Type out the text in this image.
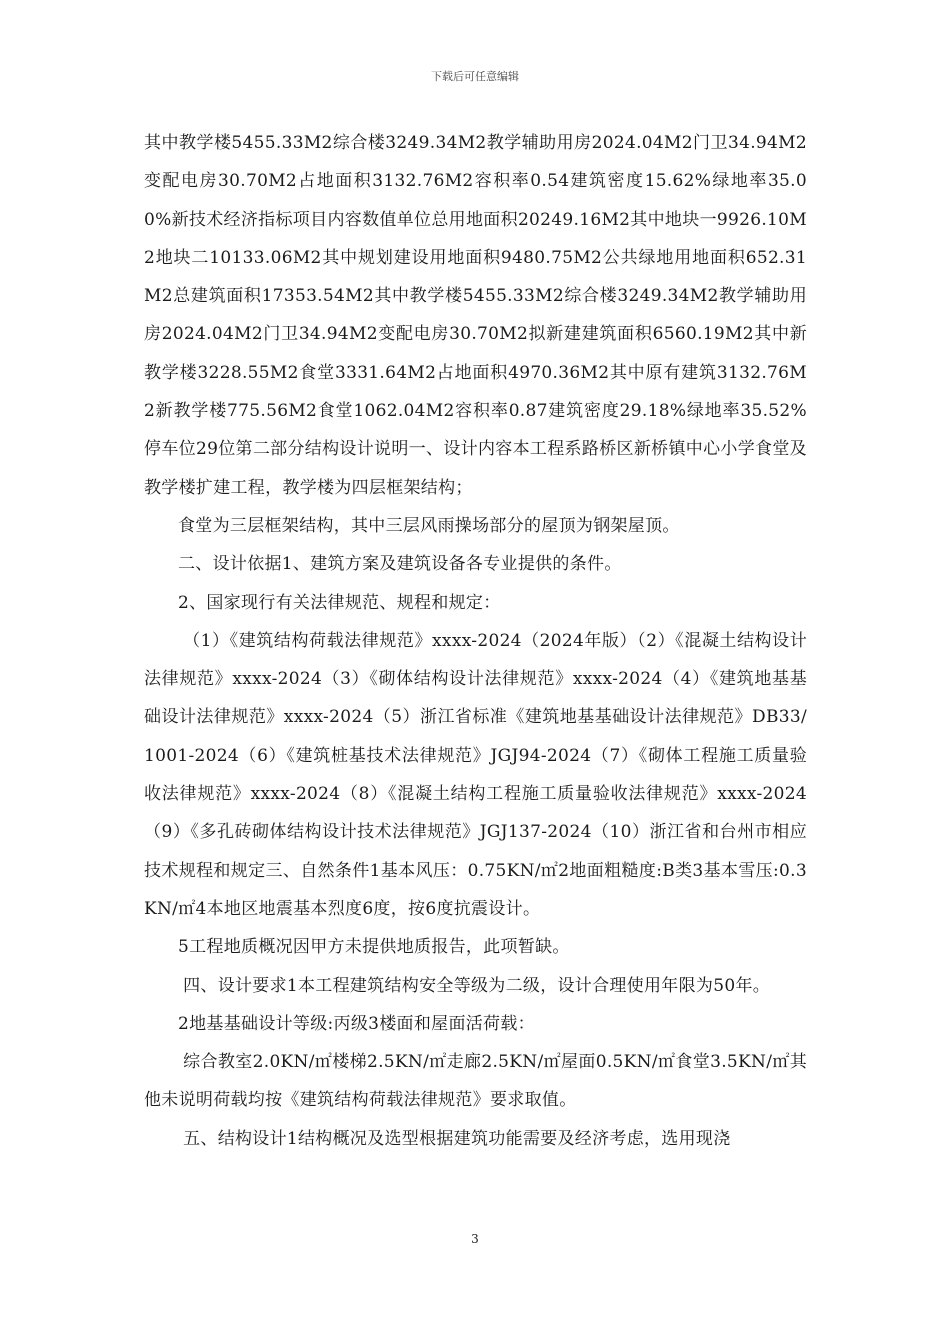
下载后可任意编辑

其中教学楼5455.33M2综合楼3249.34M2教学辅助用房2024.04M2门卫34.94M2变配电房30.70M2占地面积3132.76M2容积率0.54建筑密度15.62%绿地率35.00%新技术经济指标项目内容数值单位总用地面积20249.16M2其中地块一9926.10M2地块二10133.06M2其中规划建设用地面积9480.75M2公共绿地用地面积652.31M2总建筑面积17353.54M2其中教学楼5455.33M2综合楼3249.34M2教学辅助用房2024.04M2门卫34.94M2变配电房30.70M2拟新建建筑面积6560.19M2其中新教学楼3228.55M2食堂3331.64M2占地面积4970.36M2其中原有建筑3132.76M2新教学楼775.56M2食堂1062.04M2容积率0.87建筑密度29.18%绿地率35.52%停车位29位第二部分结构设计说明一、设计内容本工程系路桥区新桥镇中心小学食堂及教学楼扩建工程，教学楼为四层框架结构；

食堂为三层框架结构，其中三层风雨操场部分的屋顶为钢架屋顶。

二、设计依据1、建筑方案及建筑设备各专业提供的条件。

2、国家现行有关法律规范、规程和规定：

（1）《建筑结构荷载法律规范》xxxx-2024（2024年版）（2）《混凝土结构设计法律规范》xxxx-2024（3）《砌体结构设计法律规范》xxxx-2024（4）《建筑地基基础设计法律规范》xxxx-2024（5）浙江省标准《建筑地基基础设计法律规范》DB33/1001-2024（6）《建筑桩基技术法律规范》JGJ94-2024（7）《砌体工程施工质量验收法律规范》xxxx-2024（8）《混凝土结构工程施工质量验收法律规范》xxxx-2024（9）《多孔砖砌体结构设计技术法律规范》JGJ137-2024（10）浙江省和台州市相应技术规程和规定三、自然条件1基本风压：0.75KN/㎡2地面粗糙度:B类3基本雪压:0.3KN/㎡4本地区地震基本烈度6度，按6度抗震设计。

5工程地质概况因甲方未提供地质报告，此项暂缺。

四、设计要求1本工程建筑结构安全等级为二级，设计合理使用年限为50年。

2地基基础设计等级:丙级3楼面和屋面活荷载：

综合教室2.0KN/㎡楼梯2.5KN/㎡走廊2.5KN/㎡屋面0.5KN/㎡食堂3.5KN/㎡其他未说明荷载均按《建筑结构荷载法律规范》要求取值。

五、结构设计1结构概况及选型根据建筑功能需要及经济考虑，选用现浇

3
